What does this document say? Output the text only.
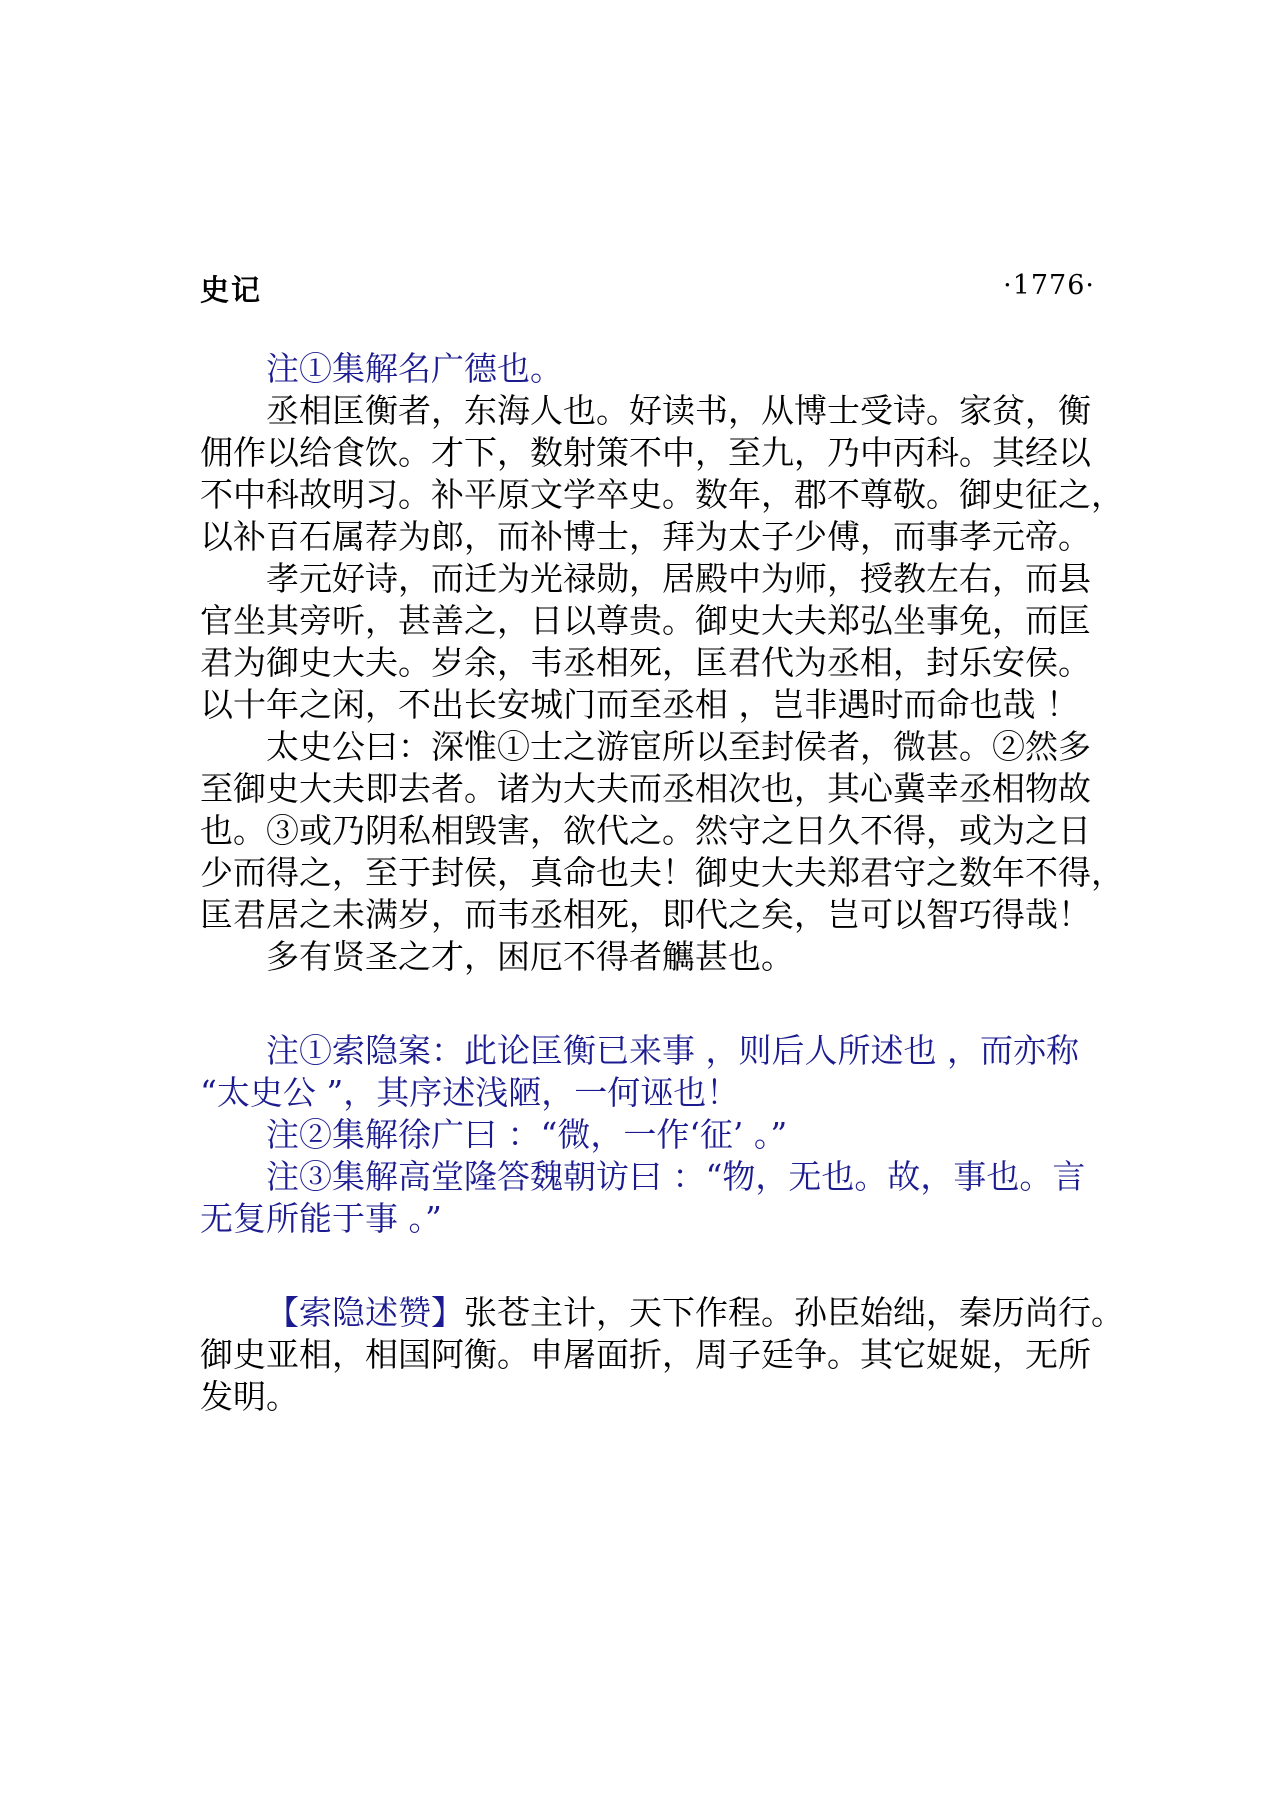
史记	·1776·
注①集解名广德也。
丞相匡衡者，东海人也。好读书，从博士受诗。家贫，衡
佣作以给食饮。才下，数射策不中，至九，乃中丙科。其经以
不中科故明习。补平原文学卒史。数年，郡不尊敬。御史征之，
以补百石属荐为郎，而补博士，拜为太子少傅，而事孝元帝。
孝元好诗，而迁为光禄勋，居殿中为师，授教左右，而县
官坐其旁听，甚善之，日以尊贵。御史大夫郑弘坐事免，而匡
君为御史大夫。岁余，韦丞相死，匡君代为丞相，封乐安侯。
以十年之闲，不出长安城门而至丞相 ，岂非遇时而命也哉 ！
太史公曰：深惟①士之游宦所以至封侯者，微甚。②然多
至御史大夫即去者。诸为大夫而丞相次也，其心冀幸丞相物故
也。③或乃阴私相毁害，欲代之。然守之日久不得，或为之日
少而得之，至于封侯，真命也夫！御史大夫郑君守之数年不得，
匡君居之未满岁，而韦丞相死，即代之矣，岂可以智巧得哉！
多有贤圣之才，困厄不得者觽甚也。
注①索隐案：此论匡衡已来事 ，则后人所述也 ，而亦称
“太史公 ”，其序述浅陋，一何诬也！
注②集解徐广曰 ：“微，一作‘征’ 。”
注③集解高堂隆答魏朝访曰 ：“物，无也。故，事也。言
无复所能于事 。”
【索隐述赞】张苍主计，天下作程。孙臣始绌，秦历尚行。
御史亚相，相国阿衡。申屠面折，周子廷争。其它娖娖，无所
发明。
